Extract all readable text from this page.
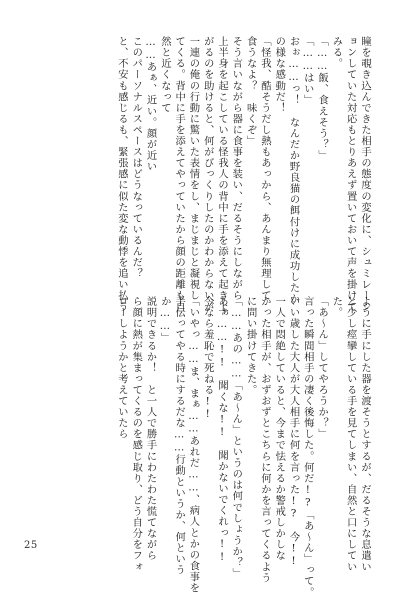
瞳を覗き込んできた相手の態度の変化に、シュミレーシ
ョンしていた対応もとりあえず置いておいて声を掛けて
みる。
「……飯、食えそう？」
「……はい」
おぉ……っ！　なんだか野良猫の餌付けに成功したか
の様な感動だ！
「怪我、酷そうだし熱もあっから、あんまり無理して
食うなよ？　味くぞ」
そう言いながら器に食事を装い、だるそうにしながら
上半身を起こしている怪我人の背中に手を添えて起き上
がるのを助けると、何がびっくりしたのかわからないが
一連の俺の行動に驚いた表情をし、まじまじと凝視し
てくる。背中に手を添えてやっていたから顔の距離も自
然と近くなって
……あぁ、近い。顔が近い
このパーソナルスペースはどうなっているんだ？
と、不安も感じるも、緊張感に似た変な動悸を追い払う
ように手にした器を渡そうとするが、だるそうな息遣い
と少し痙攣している手を見てしまい、自然と口にしてい
た。
「あ～ん」してやろうか？」
言った瞬間相手の凄く後悔した。何だ!?「あ～ん」って。
いい歳した大人が大人相手に何を言った!?　今!!
一人で悶絶していると、今まで怯えるか警戒しかしな
かった相手が、おずおずとこちらに何かを言ってくるよう
に問い掛けてきた。
「……あの……「あ～ん」というのは何でしょうか？」
あぁ……!!　聞くな!!　聞かないでくれっ!!
今なら羞恥で死ねる!!
「いやっ……ま、まぁ……あれだ……、病人とかの食事を
手伝ってやる時にするだな……行動というか、何という
か……」
説明できるか！　と一人で勝手にわたわた慌てながら
ら顔に熱が集まってくるのを感じ取り、どう自分をフォ
ローしようかと考えていたら
25
